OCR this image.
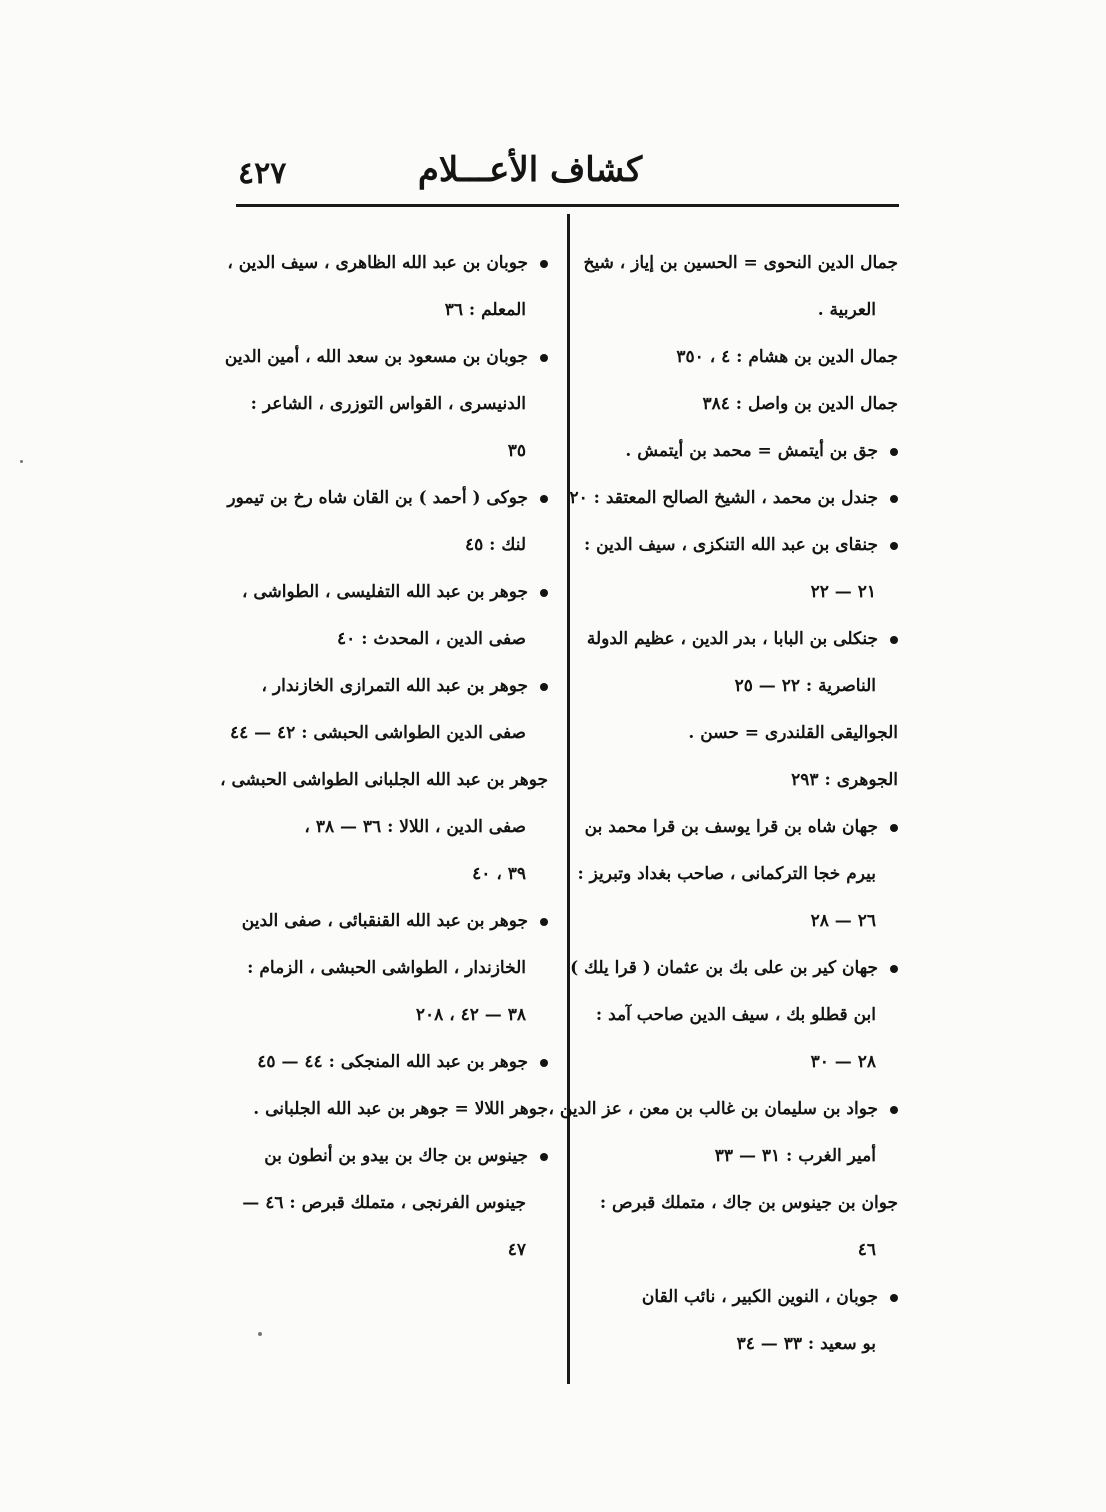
كشاف الأعـــلام
٤٢٧
جمال الدين النحوى = الحسين بن إياز ، شيخ
العربية .
جمال الدين بن هشام : ٤ ، ٣٥٠
جمال الدين بن واصل : ٣٨٤
جق بن أيتمش = محمد بن أيتمش .
جندل بن محمد ، الشيخ الصالح المعتقد : ٢٠
جنقاى بن عبد الله التنكزى ، سيف الدين :
٢١ — ٢٢
جنكلى بن البابا ، بدر الدين ، عظيم الدولة
الناصرية : ٢٢ — ٢٥
الجواليقى القلندرى = حسن .
الجوهرى : ٢٩٣
جهان شاه بن قرا يوسف بن قرا محمد بن
بيرم خجا التركمانى ، صاحب بغداد وتبريز :
٢٦ — ٢٨
جهان كير بن على بك بن عثمان ( قرا يلك )
ابن قطلو بك ، سيف الدين صاحب آمد :
٢٨ — ٣٠
جواد بن سليمان بن غالب بن معن ، عز الدين ،
أمير الغرب : ٣١ — ٣٣
جوان بن جينوس بن جاك ، متملك قبرص :
٤٦
جوبان ، النوين الكبير ، نائب القان
بو سعيد : ٣٣ — ٣٤
جوبان بن عبد الله الظاهرى ، سيف الدين ،
المعلم : ٣٦
جوبان بن مسعود بن سعد الله ، أمين الدين
الدنيسرى ، القواس التوزرى ، الشاعر :
٣٥
جوكى ( أحمد ) بن القان شاه رخ بن تيمور
لنك : ٤٥
جوهر بن عبد الله التفليسى ، الطواشى ،
صفى الدين ، المحدث : ٤٠
جوهر بن عبد الله التمرازى الخازندار ،
صفى الدين الطواشى الحبشى : ٤٢ — ٤٤
جوهر بن عبد الله الجلبانى الطواشى الحبشى ،
صفى الدين ، اللالا : ٣٦ — ٣٨ ،
٣٩ ، ٤٠
جوهر بن عبد الله القنقبائى ، صفى الدين
الخازندار ، الطواشى الحبشى ، الزمام :
٣٨ — ٤٢ ، ٢٠٨
جوهر بن عبد الله المنجكى : ٤٤ — ٤٥
جوهر اللالا = جوهر بن عبد الله الجلبانى .
جينوس بن جاك بن بيدو بن أنطون بن
جينوس الفرنجى ، متملك قبرص : ٤٦ —
٤٧
